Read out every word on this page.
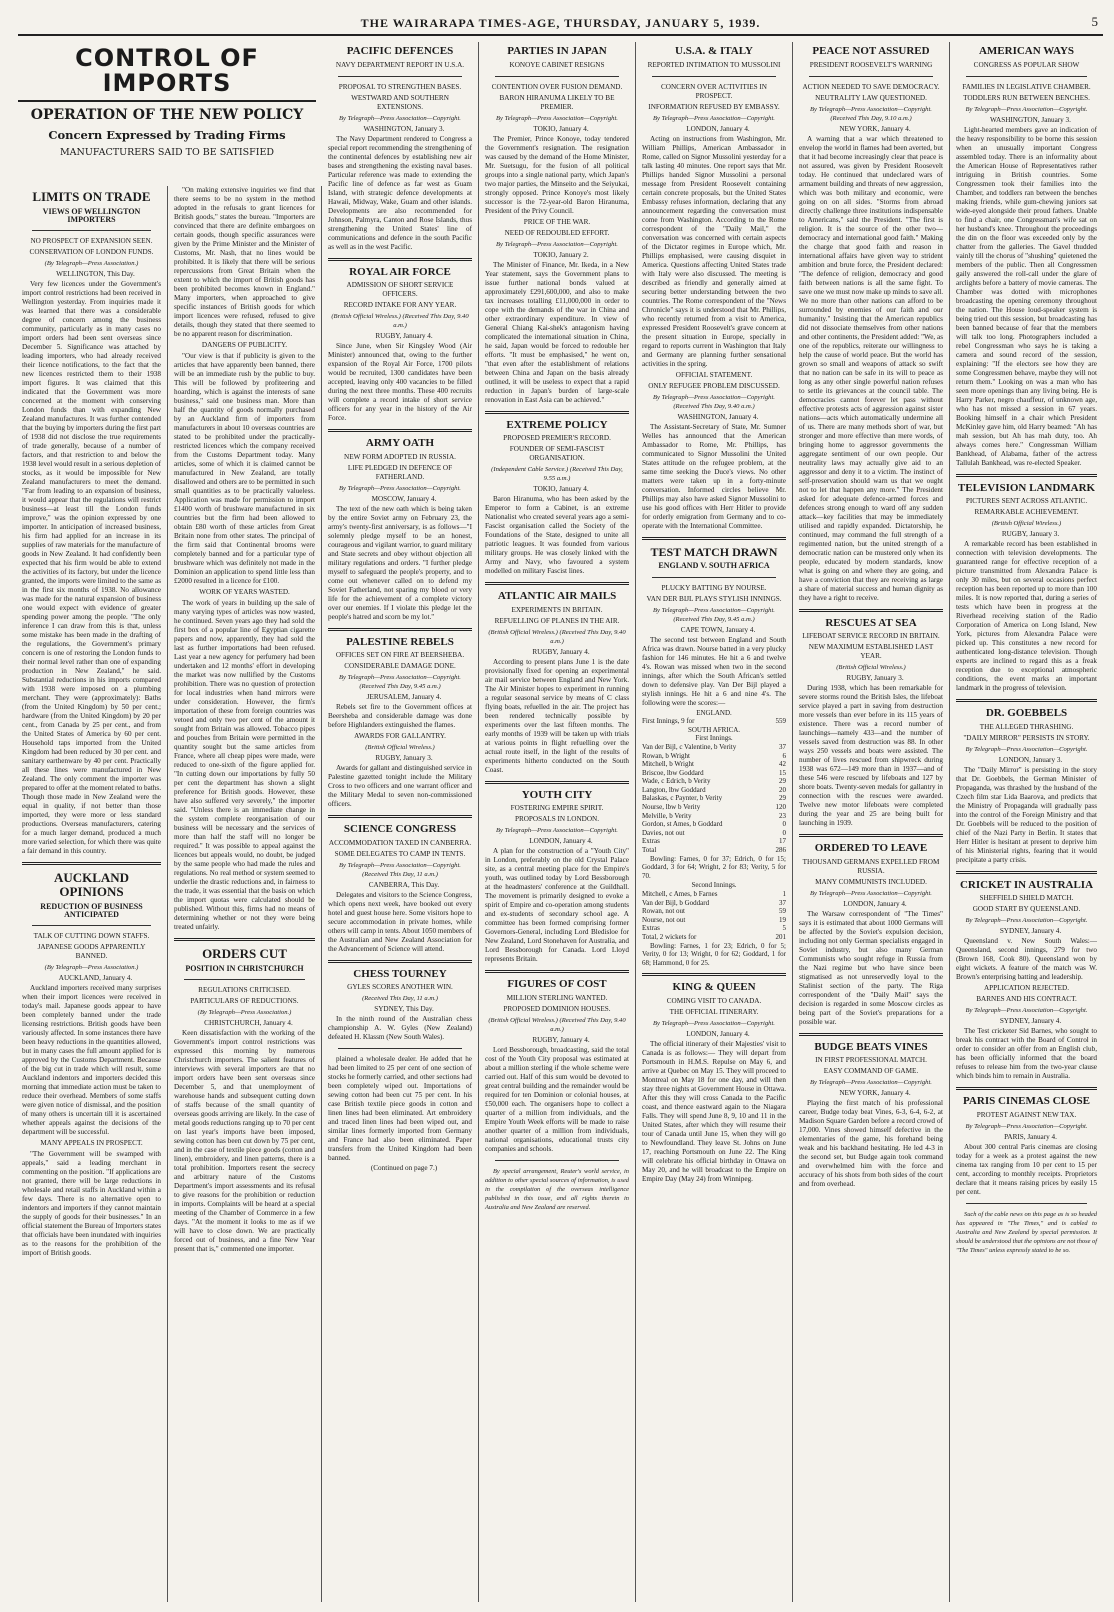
THE WAIRARAPA TIMES-AGE, THURSDAY, JANUARY 5, 1939.	5
CONTROL OF IMPORTS
OPERATION OF THE NEW POLICY
Concern Expressed by Trading Firms
MANUFACTURERS SAID TO BE SATISFIED
LIMITS ON TRADE
VIEWS OF WELLINGTON IMPORTERS
NO PROSPECT OF EXPANSION SEEN.
CONSERVATION OF LONDON FUNDS.
(By Telegraph—Press Association.)

WELLINGTON, This Day.

Very few licences under the Government's import control restrictions had been received in Wellington yesterday. From inquiries made it was learned that there was a considerable degree of concern among the business community, particularly as in many cases no import orders had been sent overseas since December 5. Significance was attached by leading importers, who had already received their licence notifications, to the fact that the new licences restricted them to their 1938 import figures. It was claimed that this indicated that the Government was more concerned at the moment with conserving London funds than with expanding New Zealand manufactures. It was further contended that the buying by importers during the first part of 1938 did not disclose the true requirements of trade generally, because of a number of factors, and that restriction to and below the 1938 level would result in a serious depletion of stocks, as it would be impossible for New Zealand manufacturers to meet the demand. "Far from leading to an expansion of business, it would appear that the regulations will restrict business—at least till the London funds improve," was the opinion expressed by one importer. In anticipation of increased business, his firm had applied for an increase in its supplies of raw materials for the manufacture of goods in New Zealand. It had confidently been expected that his firm would be able to extend the activities of its factory, but under the licence granted, the imports were limited to the same as in the first six months of 1938. No allowance was made for the natural expansion of business one would expect with evidence of greater spending power among the people. "The only inference I can draw from this is that, unless some mistake has been made in the drafting of the regulations, the Government's primary concern is one of restoring the London funds to their normal level rather than one of expanding production in New Zealand," he said. Substantial reductions in his imports compared with 1938 were imposed on a plumbing merchant. They were (approximately): Baths (from the United Kingdom) by 50 per cent.; hardware (from the United Kingdom) by 20 per cent., from Canada by 25 per cent., and from the United States of America by 60 per cent. Household taps imported from the United Kingdom had been reduced by 30 per cent. and sanitary earthenware by 40 per cent. Practically all these lines were manufactured in New Zealand. The only comment the importer was prepared to offer at the moment related to baths. Though those made in New Zealand were the equal in quality, if not better than those imported, they were more or less standard productions. Overseas manufacturers, catering for a much larger demand, produced a much more varied selection, for which there was quite a fair demand in this country.

AUCKLAND OPINIONS
REDUCTION OF BUSINESS ANTICIPATED
TALK OF CUTTING DOWN STAFFS.
JAPANESE GOODS APPARENTLY BANNED.
(By Telegraph—Press Association.)

AUCKLAND, January 4.

Auckland importers received many surprises when their import licences were received in today's mail. Japanese goods appear to have been completely banned under the trade licensing restrictions. British goods have been variously affected. In some instances there have been heavy reductions in the quantities allowed, but in many cases the full amount applied for is approved by the Customs Department. Because of the big cut in trade which will result, some Auckland indentors and importers decided this morning that immediate action must be taken to reduce their overhead. Members of some staffs were given notice of dismissal, and the position of many others is uncertain till it is ascertained whether appeals against the decisions of the department will be successful.

MANY APPEALS IN PROSPECT.

"The Government will be swamped with appeals," said a leading merchant in commenting on the position. "If applications are not granted, there will be large reductions in wholesale and retail staffs in Auckland within a few days. There is no alternative open to indentors and importers if they cannot maintain the supply of goods for their businesses." In an official statement the Bureau of Importers states that officials have been inundated with inquiries as to the reasons for the prohibition of the import of British goods.

"On making extensive inquiries we find that there seems to be no system in the method adopted in the refusals to grant licences for British goods," states the bureau. "Importers are convinced that there are definite embargoes on certain goods, though specific assurances were given by the Prime Minister and the Minister of Customs, Mr. Nash, that no lines would be prohibited. It is likely that there will be serious repercussions from Great Britain when the extent to which the import of British goods has been prohibited becomes known in England." Many importers, when approached to give specific instances of British goods for which import licences were refused, refused to give details, though they stated that there seemed to be no apparent reason for discrimination.

DANGERS OF PUBLICITY.

"Our view is that if publicity is given to the articles that have apparently been banned, there will be an immediate rush by the public to buy. This will be followed by profiteering and hoarding, which is against the interests of sane business," said one business man. More than half the quantity of goods normally purchased by an Auckland firm of importers from manufacturers in about 10 overseas countries are stated to be prohibited under the practically-restricted licences which the company received from the Customs Department today. Many articles, some of which it is claimed cannot be manufactured in New Zealand, are totally disallowed and others are to be permitted in such small quantities as to be practically valueless. Application was made for permission to import £1400 worth of brushware manufactured in six countries but the firm had been allowed to obtain £80 worth of these articles from Great Britain none from other states. The principal of the firm said that Continental brooms were completely banned and for a particular type of brushware which was definitely not made in the Dominion an application to spend little less than £2000 resulted in a licence for £100.

WORK OF YEARS WASTED.

The work of years in building up the sale of many varying types of articles was now wasted, he continued. Seven years ago they had sold the first box of a popular line of Egyptian cigarette papers and now, apparently, they had sold the last as further importations had been refused. Last year a new agency for perfumery had been undertaken and 12 months' effort in developing the market was now nullified by the Customs prohibition. There was no question of protection for local industries when hand mirrors were under consideration. However, the firm's importation of these from foreign countries was vetoed and only two per cent of the amount it sought from Britain was allowed. Tobacco pipes and pouches from Britain were permitted in the quantity sought but the same articles from France, where all cheap pipes were made, were reduced to one-sixth of the figure applied for. "In cutting down our importations by fully 50 per cent the department has shown a slight preference for British goods. However, these have also suffered very severely," the importer said. "Unless there is an immediate change in the system complete reorganisation of our business will be necessary and the services of more than half the staff will no longer be required." It was possible to appeal against the licences but appeals would, no doubt, be judged by the same people who had made the rules and regulations. No real method or system seemed to underlie the drastic reductions and, in fairness to the trade, it was essential that the basis on which the import quotas were calculated should be published. Without this, firms had no means of determining whether or not they were being treated unfairly.

ORDERS CUT
POSITION IN CHRISTCHURCH
REGULATIONS CRITICISED.
PARTICULARS OF REDUCTIONS.
(By Telegraph—Press Association.)

CHRISTCHURCH, January 4.

Keen dissatisfaction with the working of the Government's import control restrictions was expressed this morning by numerous Christchurch importers. The salient features of interviews with several importers are that no import orders have been sent overseas since December 5, and that unemployment of warehouse hands and subsequent cutting down of staffs because of the small quantity of overseas goods arriving are likely. In the case of metal goods reductions ranging up to 70 per cent on last year's imports have been imposed, sewing cotton has been cut down by 75 per cent, and in the case of textile piece goods (cotton and linen), embroidery, and linen patterns, there is a total prohibition. Importers resent the secrecy and arbitrary nature of the Customs Department's import assessments and its refusal to give reasons for the prohibition or reduction in imports. Complaints will be heard at a special meeting of the Chamber of Commerce in a few days. "At the moment it looks to me as if we will have to close down. We are practically forced out of business, and a fine New Year present that is," commented one importer.

PACIFIC DEFENCES
NAVY DEPARTMENT REPORT IN U.S.A.
PROPOSAL TO STRENGTHEN BASES.
WESTWARD AND SOUTHERN EXTENSIONS.
By Telegraph—Press Association—Copyright.

WASHINGTON, January 3.

The Navy Department rendered to Congress a special report recommending the strengthening of the continental defences by establishing new air bases and strengthening the existing naval bases. Particular reference was made to extending the Pacific line of defence as far west as Guam Island, with strategic defence developments at Hawaii, Midway, Wake, Guam and other islands. Developments are also recommended for Johnson, Palmyra, Canton and Rose Islands, thus strengthening the United States' line of communications and defence in the south Pacific as well as in the west Pacific.

ROYAL AIR FORCE
ADMISSION OF SHORT SERVICE OFFICERS.
RECORD INTAKE FOR ANY YEAR.
(British Official Wireless.) (Received This Day, 9.40 a.m.)

RUGBY, January 4.

Since June, when Sir Kingsley Wood (Air Minister) announced that, owing to the further expansion of the Royal Air Force, 1700 pilots would be recruited, 1300 candidates have been accepted, leaving only 400 vacancies to be filled during the next three months. These 400 recruits will complete a record intake of short service officers for any year in the history of the Air Force.

ARMY OATH
NEW FORM ADOPTED IN RUSSIA.
LIFE PLEDGED IN DEFENCE OF FATHERLAND.
By Telegraph—Press Association—Copyright.

MOSCOW, January 4.

The text of the new oath which is being taken by the entire Soviet army on February 23, the army's twenty-first anniversary, is as follows—"I solemnly pledge myself to be an honest, courageous and vigilant warrior, to guard military and State secrets and obey without objection all military regulations and orders. "I further pledge myself to safeguard the people's property, and to come out whenever called on to defend my Soviet Fatherland, not sparing my blood or very life for the achievement of a complete victory over our enemies. If I violate this pledge let the people's hatred and scorn be my lot."

PALESTINE REBELS
OFFICES SET ON FIRE AT BEERSHEBA.
CONSIDERABLE DAMAGE DONE.
By Telegraph—Press Association—Copyright. (Received This Day, 9.45 a.m.)

JERUSALEM, January 4.

Rebels set fire to the Government offices at Beersheba and considerable damage was done before Highlanders extinguished the flames.

AWARDS FOR GALLANTRY.
(British Official Wireless.)

RUGBY, January 3.

Awards for gallant and distinguished service in Palestine gazetted tonight include the Military Cross to two officers and one warrant officer and the Military Medal to seven non-commissioned officers.

SCIENCE CONGRESS
ACCOMMODATION TAXED IN CANBERRA.
SOME DELEGATES TO CAMP IN TENTS.
By Telegraph—Press Association—Copyright. (Received This Day, 11 a.m.)

CANBERRA, This Day.

Delegates and visitors to the Science Congress, which opens next week, have booked out every hotel and guest house here. Some visitors hope to secure accommodation in private homes, while others will camp in tents. About 1050 members of the Australian and New Zealand Association for the Advancement of Science will attend.

CHESS TOURNEY
GYLES SCORES ANOTHER WIN.
(Received This Day, 11 a.m.)

SYDNEY, This Day.

In the ninth round of the Australian chess championship A. W. Gyles (New Zealand) defeated H. Klassm (New South Wales).

plained a wholesale dealer. He added that he had been limited to 25 per cent of one section of stocks he formerly carried, and other sections had been completely wiped out. Importations of sewing cotton had been cut 75 per cent. In his case British textile piece goods in cotton and linen lines had been eliminated. Art embroidery and traced linen lines had been wiped out, and similar lines formerly imported from Germany and France had also been eliminated. Paper transfers from the United Kingdom had been banned.

(Continued on page 7.)

PARTIES IN JAPAN
KONOYE CABINET RESIGNS
CONTENTION OVER FUSION DEMAND.
BARON HIRANUMA LIKELY TO BE PREMIER.
By Telegraph—Press Association—Copyright.

TOKIO, January 4.

The Premier, Prince Konoye, today tendered the Government's resignation. The resignation was caused by the demand of the Home Minister, Mr. Suetsugu, for the fusion of all political groups into a single national party, which Japan's two major parties, the Minseito and the Seiyukai, strongly opposed. Prince Konoye's most likely successor is the 72-year-old Baron Hiranuma, President of the Privy Council.

PRICE OF THE WAR.
NEED OF REDOUBLED EFFORT.
By Telegraph—Press Association—Copyright.

TOKIO, January 2.

The Minister of Finance, Mr. Ikeda, in a New Year statement, says the Government plans to issue further national bonds valued at approximately £291,600,000, and also to make tax increases totalling £11,000,000 in order to cope with the demands of the war in China and other extraordinary expenditure. In view of General Chiang Kai-shek's antagonism having complicated the international situation in China, he said, Japan would be forced to redouble her efforts. "It must be emphasised," he went on, "that even after the establishment of relations between China and Japan on the basis already outlined, it will be useless to expect that a rapid reduction in Japan's burden of large-scale renovation in East Asia can be achieved."

EXTREME POLICY
PROPOSED PREMIER'S RECORD.
FOUNDER OF SEMI-FASCIST ORGANISATION.
(Independent Cable Service.) (Received This Day, 9.55 a.m.)

TOKIO, January 4.

Baron Hiranuma, who has been asked by the Emperor to form a Cabinet, is an extreme Nationalist who created several years ago a semi-Fascist organisation called the Society of the Foundations of the State, designed to unite all patriotic leagues. It was founded from various military groups. He was closely linked with the Army and Navy, who favoured a system modelled on military Fascist lines.

ATLANTIC AIR MAILS
EXPERIMENTS IN BRITAIN.
REFUELLING OF PLANES IN THE AIR.
(British Official Wireless.) (Received This Day, 9.40 a.m.)

RUGBY, January 4.

According to present plans June 1 is the date provisionally fixed for opening an experimental air mail service between England and New York. The Air Minister hopes to experiment in running a regular seasonal service by means of C class flying boats, refuelled in the air. The project has been rendered technically possible by experiments over the last fifteen months. The early months of 1939 will be taken up with trials at various points in flight refuelling over the actual route itself, in the light of the results of experiments hitherto conducted on the South Coast.

YOUTH CITY
FOSTERING EMPIRE SPIRIT.
PROPOSALS IN LONDON.
By Telegraph—Press Association—Copyright.

LONDON, January 4.

A plan for the construction of a "Youth City" in London, preferably on the old Crystal Palace site, as a central meeting place for the Empire's youth, was outlined today by Lord Bessborough at the headmasters' conference at the Guildhall. The movement is primarily designed to evoke a spirit of Empire and co-operation among students and ex-students of secondary school age. A committee has been formed comprising former Governors-General, including Lord Bledisloe for New Zealand, Lord Stonehaven for Australia, and Lord Bessborough for Canada. Lord Lloyd represents Britain.

FIGURES OF COST
MILLION STERLING WANTED.
PROPOSED DOMINION HOUSES.
(British Official Wireless.) (Received This Day, 9.40 a.m.)

RUGBY, January 4.

Lord Bessborough, broadcasting, said the total cost of the Youth City proposal was estimated at about a million sterling if the whole scheme were carried out. Half of this sum would be devoted to great central building and the remainder would be required for ten Dominion or colonial houses, at £50,000 each. The organisers hope to collect a quarter of a million from individuals, and the Empire Youth Week efforts will be made to raise another quarter of a million from individuals, national organisations, educational trusts city companies and schools.

By special arrangement, Reuter's world service, in addition to other special sources of information, is used in the compilation of the overseas intelligence published in this issue, and all rights therein in Australia and New Zealand are reserved.

U.S.A. & ITALY
REPORTED INTIMATION TO MUSSOLINI
CONCERN OVER ACTIVITIES IN PROSPECT.
INFORMATION REFUSED BY EMBASSY.
By Telegraph—Press Association—Copyright.

LONDON, January 4.

Acting on instructions from Washington, Mr. William Phillips, American Ambassador in Rome, called on Signor Mussolini yesterday for a talk lasting 40 minutes. One report says that Mr. Phillips handed Signor Mussolini a personal message from President Roosevelt containing certain concrete proposals, but the United States Embassy refuses information, declaring that any announcement regarding the conversation must come from Washington. According to the Rome correspondent of the "Daily Mail," the conversation was concerned with certain aspects of the Dictator regimes in Europe which, Mr. Phillips emphasised, were causing disquiet in America. Questions affecting United States trade with Italy were also discussed. The meeting is described as friendly and generally aimed at securing better understanding between the two countries. The Rome correspondent of the "News Chronicle" says it is understood that Mr. Phillips, who recently returned from a visit to America, expressed President Roosevelt's grave concern at the present situation in Europe, specially in regard to reports current in Washington that Italy and Germany are planning further sensational activities in the spring.

OFFICIAL STATEMENT.
ONLY REFUGEE PROBLEM DISCUSSED.
By Telegraph—Press Association—Copyright. (Received This Day, 9.40 a.m.)

WASHINGTON, January 4.

The Assistant-Secretary of State, Mr. Sumner Welles has announced that the American Ambassador to Rome, Mr. Phillips, has communicated to Signor Mussolini the United States attitude on the refugee problem, at the same time seeking the Duce's views. No other matters were taken up in a forty-minute conversation. Informed circles believe Mr. Phillips may also have asked Signor Mussolini to use his good offices with Herr Hitler to provide for orderly emigration from Germany and to co-operate with the International Committee.

TEST MATCH DRAWN
ENGLAND V. SOUTH AFRICA
PLUCKY BATTING BY NOURSE.
VAN DER BIJL PLAYS STYLISH INNINGS.
By Telegraph—Press Association—Copyright. (Received This Day, 9.45 a.m.)

CAPE TOWN, January 4.

The second test between England and South Africa was drawn. Nourse batted in a very plucky fashion for 146 minutes. He hit a 6 and twelve 4's. Rowan was missed when two in the second innings, after which the South African's settled down to defensive play. Van Der Bijl played a stylish innings. He hit a 6 and nine 4's. The following were the scores:—

ENGLAND.
First Innings, 9 for	559
SOUTH AFRICA.
First Innings.
Van der Bijl, c Valentine, b Verity	37
Rowan, b Wright	6
Mitchell, b Wright	42
Briscoe, lbw Goddard	15
Wade, c Edrich, b Verity	29
Langton, lbw Goddard	20
Balaskas, c Paynter, b Verity	29
Nourse, lbw b Verity	120
Melville, b Verity	23
Gordon, st Ames, b Goddard	0
Davies, not out	0
Extras	17
Total	286

Bowling: Farnes, 0 for 37; Edrich, 0 for 15; Goddard, 3 for 64; Wright, 2 for 83; Verity, 5 for 70.

Second Innings.
Mitchell, c Ames, b Farnes	1
Van der Bijl, b Goddard	37
Rowan, not out	59
Nourse, not out	19
Extras	5
Total, 2 wickets for	201

Bowling: Farnes, 1 for 23; Edrich, 0 for 5; Verity, 0 for 13; Wright, 0 for 62; Goddard, 1 for 68; Hammond, 0 for 25.

KING & QUEEN
COMING VISIT TO CANADA.
THE OFFICIAL ITINERARY.
By Telegraph—Press Association—Copyright.

LONDON, January 4.

The official itinerary of their Majesties' visit to Canada is as follows:— They will depart from Portsmouth in H.M.S. Repulse on May 6, and arrive at Quebec on May 15. They will proceed to Montreal on May 18 for one day, and will then stay three nights at Government House in Ottawa. After this they will cross Canada to the Pacific coast, and thence eastward again to the Niagara Falls. They will spend June 8, 9, 10 and 11 in the United States, after which they will resume their tour of Canada until June 15, when they will go to Newfoundland. They leave St. Johns on June 17, reaching Portsmouth on June 22. The King will celebrate his official birthday in Ottawa on May 20, and he will broadcast to the Empire on Empire Day (May 24) from Winnipeg.

PEACE NOT ASSURED
PRESIDENT ROOSEVELT'S WARNING
ACTION NEEDED TO SAVE DEMOCRACY.
NEUTRALITY LAW QUESTIONED.
By Telegraph—Press Association—Copyright. (Received This Day, 9.10 a.m.)

NEW YORK, January 4.

A warning that a war which threatened to envelop the world in flames had been averted, but that it had become increasingly clear that peace is not assured, was given by President Roosevelt today. He continued that undeclared wars of armament building and threats of new aggression, which was both military and economic, were going on on all sides. "Storms from abroad directly challenge three institutions indispensable to Americans," said the President. "The first is religion. It is the source of the other two—democracy and international good faith." Making the charge that good faith and reason in international affairs have given way to strident ambition and brute force, the President declared: "The defence of religion, democracy and good faith between nations is all the same fight. To save one we must now make up minds to save all. We no more than other nations can afford to be surrounded by enemies of our faith and our humanity." Insisting that the American republics did not dissociate themselves from other nations and other continents, the President added: "We, as one of the republics, reiterate our willingness to help the cause of world peace. But the world has grown so small and weapons of attack so swift that no nation can be safe in its will to peace as long as any other single powerful nation refuses to settle its grievances at the council table. The democracies cannot forever let pass without effective protests acts of aggression against sister nations—acts which automatically undermine all of us. There are many methods short of war, but stronger and more effective than mere words, of bringing home to aggressor governments the aggregate sentiment of our own people. Our neutrality laws may actually give aid to an aggressor and deny it to a victim. The instinct of self-preservation should warn us that we ought not to let that happen any more." The President asked for adequate defence-armed forces and defences strong enough to ward off any sudden attack—key facilities that may be immediately utilised and rapidly expanded. Dictatorship, he continued, may command the full strength of a regimented nation, but the united strength of a democratic nation can be mustered only when its people, educated by modern standards, know what is going on and where they are going, and have a conviction that they are receiving as large a share of material success and human dignity as they have a right to receive.

RESCUES AT SEA
LIFEBOAT SERVICE RECORD IN BRITAIN.
NEW MAXIMUM ESTABLISHED LAST YEAR.
(British Official Wireless.)

RUGBY, January 3.

During 1938, which has been remarkable for severe storms round the British Isles, the lifeboat service played a part in saving from destruction more vessels than ever before in its 115 years of existence. There was a record number of launchings—namely 433—and the number of vessels saved from destruction was 88. In other ways 250 vessels and boats were assisted. The number of lives rescued from shipwreck during 1938 was 672—149 more than in 1937—and of these 546 were rescued by lifeboats and 127 by shore boats. Twenty-seven medals for gallantry in connection with the rescues were awarded. Twelve new motor lifeboats were completed during the year and 25 are being built for launching in 1939.

ORDERED TO LEAVE
THOUSAND GERMANS EXPELLED FROM RUSSIA.
MANY COMMUNISTS INCLUDED.
By Telegraph—Press Association—Copyright.

LONDON, January 4.

The Warsaw correspondent of "The Times" says it is estimated that about 1000 Germans will be affected by the Soviet's expulsion decision, including not only German specialists engaged in Soviet industry, but also many German Communists who sought refuge in Russia from the Nazi regime but who have since been stigmatised as not unreservedly loyal to the Stalinist section of the party. The Riga correspondent of the "Daily Mail" says the decision is regarded in some Moscow circles as being part of the Soviet's preparations for a possible war.

BUDGE BEATS VINES
IN FIRST PROFESSIONAL MATCH.
EASY COMMAND OF GAME.
By Telegraph—Press Association—Copyright.

NEW YORK, January 4.

Playing the first match of his professional career, Budge today beat Vines, 6-3, 6-4, 6-2, at Madison Square Garden before a record crowd of 17,000. Vines showed himself defective in the elementaries of the game, his forehand being weak and his backhand hesitating. He led 4-3 in the second set, but Budge again took command and overwhelmed him with the force and accuracy of his shots from both sides of the court and from overhead.

AMERICAN WAYS
CONGRESS AS POPULAR SHOW
FAMILIES IN LEGISLATIVE CHAMBER.
TODDLERS RUN BETWEEN BENCHES.
By Telegraph—Press Association—Copyright.

WASHINGTON, January 3.

Light-hearted members gave an indication of the heavy responsibility to be borne this session when an unusually important Congress assembled today. There is an informality about the American House of Representatives rather intriguing in British countries. Some Congressmen took their families into the Chamber, and toddlers ran between the benches making friends, while gum-chewing juniors sat wide-eyed alongside their proud fathers. Unable to find a chair, one Congressman's wife sat on her husband's knee. Throughout the proceedings the din on the floor was exceeded only by the chatter from the galleries. The Gavel thudded vainly till the chorus of "shushing" quietened the members of the public. Then all Congressmen gaily answered the roll-call under the glare of arclights before a battery of movie cameras. The Chamber was dotted with microphones broadcasting the opening ceremony throughout the nation. The House loud-speaker system is being tried out this session, but broadcasting has been banned because of fear that the members will talk too long. Photographers included a rebel Congressman who says he is taking a camera and sound record of the session, explaining: "If the electors see how they are some Congressmen behave, maybe they will not return them." Looking on was a man who has seen more openings than any living being. He is Harry Parker, negro chauffeur, of unknown age, who has not missed a session in 67 years. Booking himself in a chair which President McKinley gave him, old Harry beamed: "Ah has mah session, but Ah has mah duty, too. Ah always comes here." Congressman William Bankhead, of Alabama, father of the actress Tallulah Bankhead, was re-elected Speaker.

TELEVISION LANDMARK
PICTURES SENT ACROSS ATLANTIC.
REMARKABLE ACHIEVEMENT.
(British Official Wireless.)

RUGBY, January 3.

A remarkable record has been established in connection with television developments. The guaranteed range for effective reception of a picture transmitted from Alexandra Palace is only 30 miles, but on several occasions perfect reception has been reported up to more than 100 miles. It is now reported that, during a series of tests which have been in progress at the Riverhead receiving station of the Radio Corporation of America on Long Island, New York, pictures from Alexandra Palace were picked up. This constitutes a new record for authenticated long-distance television. Though experts are inclined to regard this as a freak reception due to exceptional atmospheric conditions, the event marks an important landmark in the progress of television.

DR. GOEBBELS
THE ALLEGED THRASHING.
"DAILY MIRROR" PERSISTS IN STORY.
By Telegraph—Press Association—Copyright.

LONDON, January 3.

The "Daily Mirror" is persisting in the story that Dr. Goebbels, the German Minister of Propaganda, was thrashed by the husband of the Czech film star Lida Baarova, and predicts that the Ministry of Propaganda will gradually pass into the control of the Foreign Ministry and that Dr. Goebbels will be reduced to the position of chief of the Nazi Party in Berlin. It states that Herr Hitler is hesitant at present to deprive him of his Ministerial rights, fearing that it would precipitate a party crisis.

CRICKET IN AUSTRALIA
SHEFFIELD SHIELD MATCH.
GOOD START BY QUEENSLAND.
By Telegraph—Press Association—Copyright.

SYDNEY, January 4.

Queensland v. New South Wales:— Queensland, second innings, 279 for two (Brown 168, Cook 80). Queensland won by eight wickets. A feature of the match was W. Brown's enterprising batting and leadership.

APPLICATION REJECTED.
BARNES AND HIS CONTRACT.
By Telegraph—Press Association—Copyright.

SYDNEY, January 4.

The Test cricketer Sid Barnes, who sought to break his contract with the Board of Control in order to consider an offer from an English club, has been officially informed that the board refuses to release him from the two-year clause which binds him to remain in Australia.

PARIS CINEMAS CLOSE
PROTEST AGAINST NEW TAX.
By Telegraph—Press Association—Copyright.

PARIS, January 4.

About 300 central Paris cinemas are closing today for a week as a protest against the new cinema tax ranging from 10 per cent to 15 per cent, according to monthly receipts. Proprietors declare that it means raising prices by easily 15 per cent.

Such of the cable news on this page as is so headed has appeared in "The Times," and is cabled to Australia and New Zealand by special permission. It should be understood that the opinions are not those of "The Times" unless expressly stated to be so.
